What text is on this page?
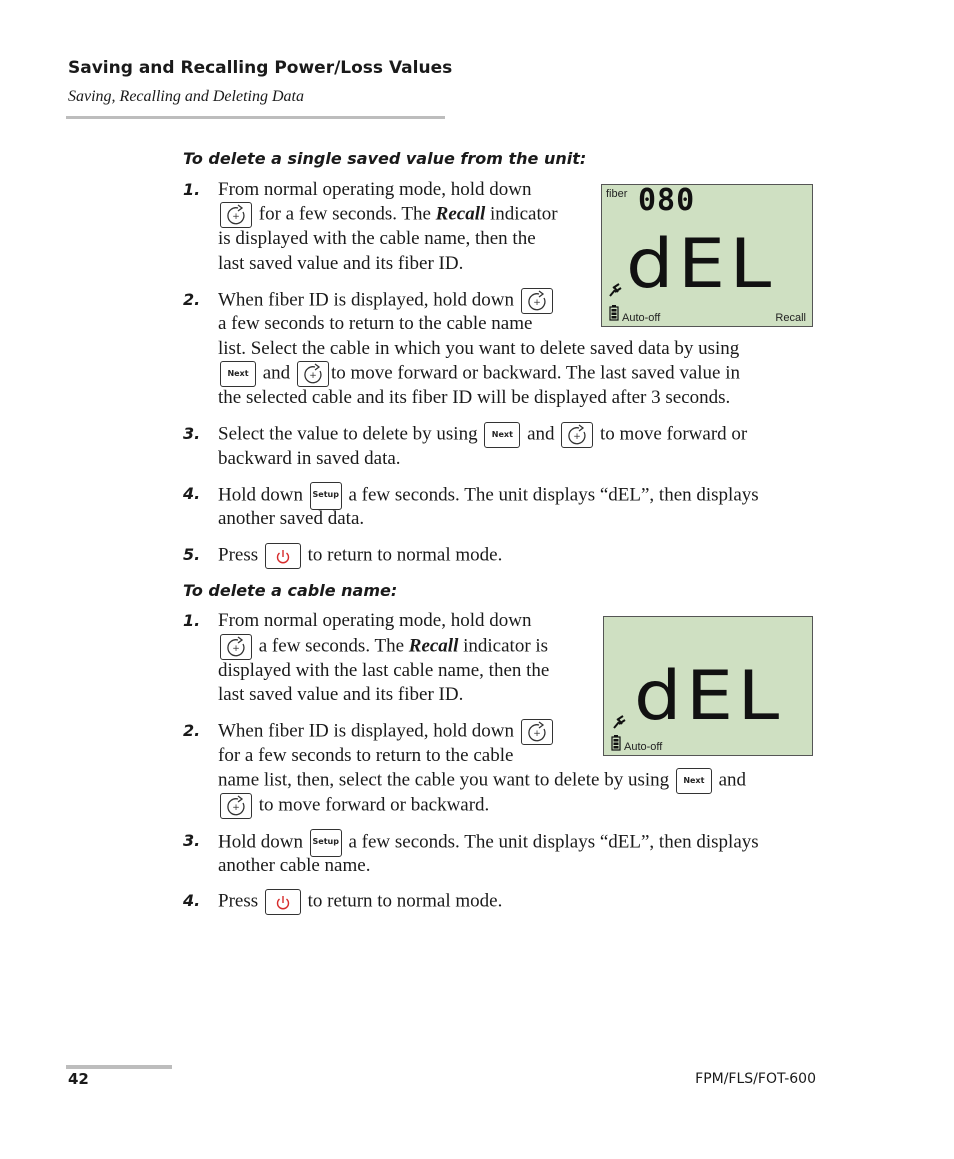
Saving and Recalling Power/Loss Values
Saving, Recalling and Deleting Data
To delete a single saved value from the unit:
1. From normal operating mode, hold down
+ for a few seconds. The Recall indicator
is displayed with the cable name, then the
last saved value and its fiber ID.
fiber 080
dEL
Auto-off	Recall
2. When fiber ID is displayed, hold down +
a few seconds to return to the cable name
list. Select the cable in which you want to delete saved data by using
Next and + to move forward or backward. The last saved value in
the selected cable and its fiber ID will be displayed after 3 seconds.
3. Select the value to delete by using Next and + to move forward or
backward in saved data.
4. Hold down Setup a few seconds. The unit displays “dEL”, then displays
another saved data.
5. Press	to return to normal mode.
To delete a cable name:
1. From normal operating mode, hold down
+ a few seconds. The Recall indicator is
displayed with the last cable name, then the
last saved value and its fiber ID.	dEL
Auto-off
2. When fiber ID is displayed, hold down +
for a few seconds to return to the cable
name list, then, select the cable you want to delete by using Next and
+ to move forward or backward.
3. Hold down Setup a few seconds. The unit displays “dEL”, then displays
another cable name.
4. Press	to return to normal mode.
42	FPM/FLS/FOT-600
